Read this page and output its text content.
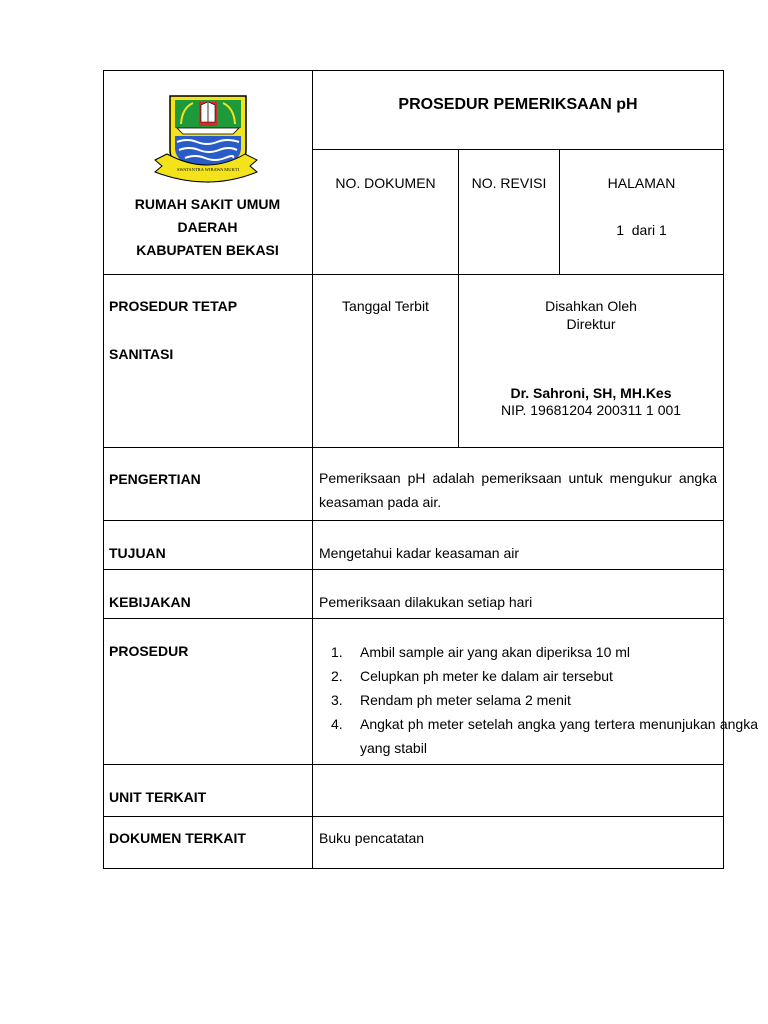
SWATANTRA WIBAWA MUKTI
PROSEDUR PEMERIKSAAN pH
RUMAH SAKIT UMUM
DAERAH
KABUPATEN BEKASI
NO. DOKUMEN	NO. REVISI	HALAMAN
1  dari 1
PROSEDUR TETAP
SANITASI
Tanggal Terbit	Disahkan Oleh
Direktur
Dr. Sahroni, SH, MH.Kes
NIP. 19681204 200311 1 001
PENGERTIAN	Pemeriksaan pH adalah pemeriksaan untuk mengukur angka keasaman pada air.
TUJUAN	Mengetahui kadar keasaman air
KEBIJAKAN	Pemeriksaan dilakukan setiap hari
PROSEDUR	1. Ambil sample air yang akan diperiksa 10 ml
2. Celupkan ph meter ke dalam air tersebut
3. Rendam ph meter selama 2 menit
4. Angkat ph meter setelah angka yang tertera menunjukan angka yang stabil
UNIT TERKAIT
DOKUMEN TERKAIT	Buku pencatatan
